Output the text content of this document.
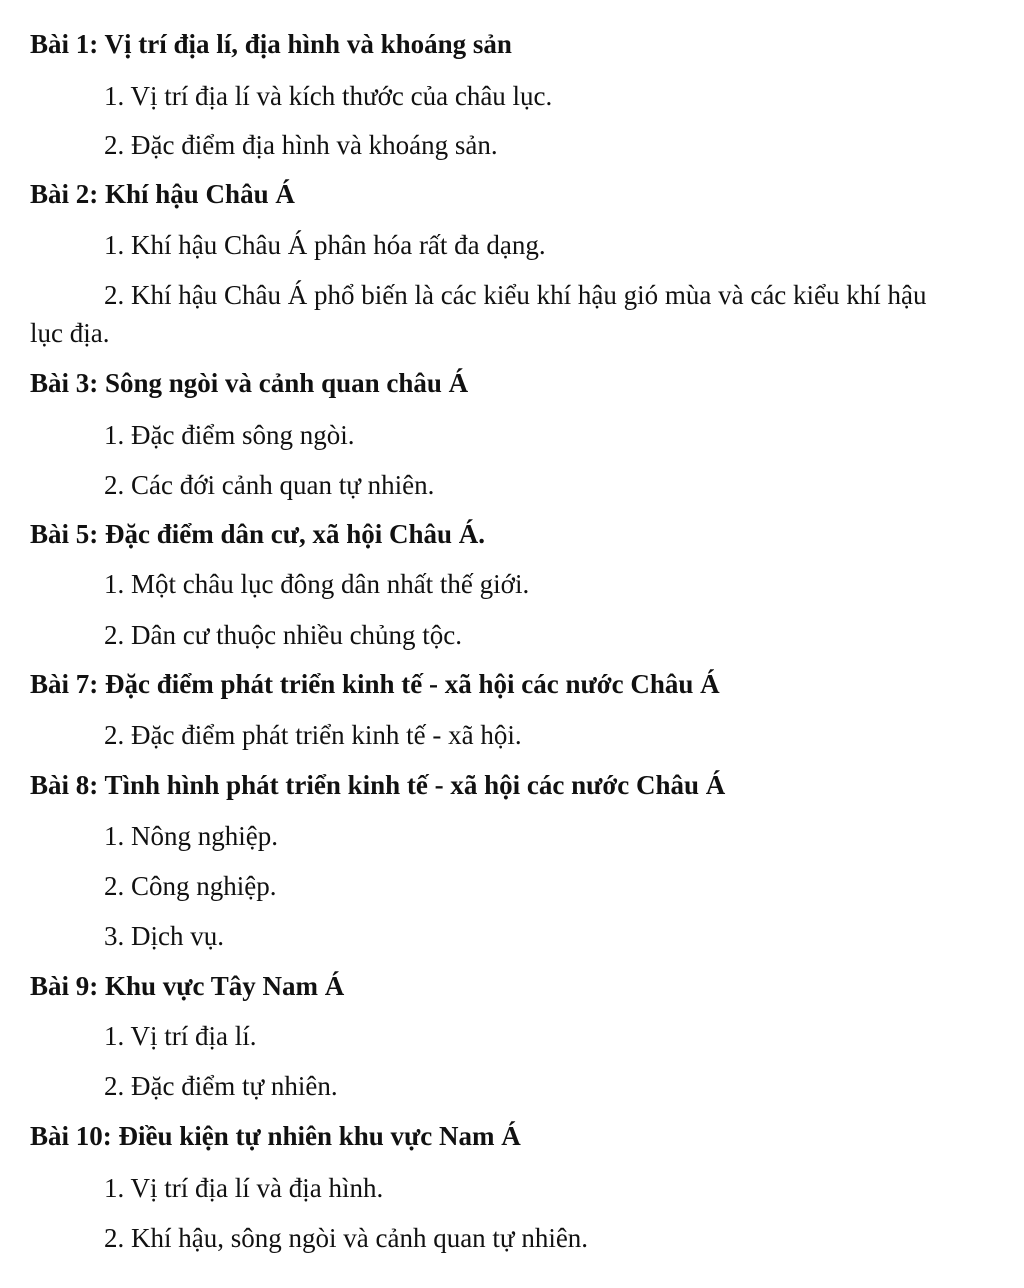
Bài 1: Vị trí địa lí, địa hình và khoáng sản
1. Vị trí địa lí và kích thước của châu lục.
2. Đặc điểm địa hình và khoáng sản.
Bài 2: Khí hậu Châu Á
1. Khí hậu Châu Á phân hóa rất đa dạng.
2. Khí hậu Châu Á phổ biến là các kiểu khí hậu gió mùa và các kiểu khí hậu
lục địa.
Bài 3: Sông ngòi và cảnh quan châu Á
1. Đặc điểm sông ngòi.
2. Các đới cảnh quan tự nhiên.
Bài 5: Đặc điểm dân cư, xã hội Châu Á.
1. Một châu lục đông dân nhất thế giới.
2. Dân cư thuộc nhiều chủng tộc.
Bài 7: Đặc điểm phát triển kinh tế - xã hội các nước Châu Á
2. Đặc điểm phát triển kinh tế - xã hội.
Bài 8: Tình hình phát triển kinh tế - xã hội các nước Châu Á
1. Nông nghiệp.
2. Công nghiệp.
3. Dịch vụ.
Bài 9: Khu vực Tây Nam Á
1. Vị trí địa lí.
2. Đặc điểm tự nhiên.
Bài 10: Điều kiện tự nhiên khu vực Nam Á
1. Vị trí địa lí và địa hình.
2. Khí hậu, sông ngòi và cảnh quan tự nhiên.
